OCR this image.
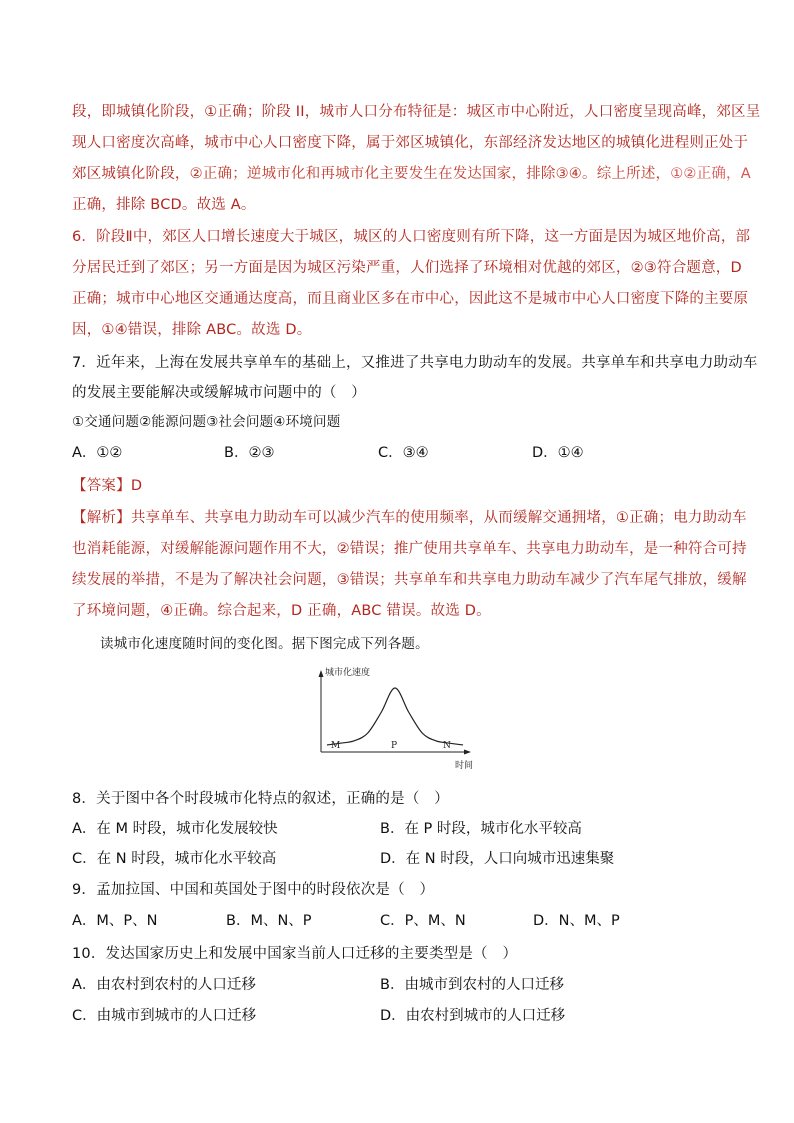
段，即城镇化阶段，①正确；阶段 II，城市人口分布特征是：城区市中心附近，人口密度呈现高峰，郊区呈
现人口密度次高峰，城市中心人口密度下降，属于郊区城镇化，东部经济发达地区的城镇化进程则正处于
郊区城镇化阶段，②正确；逆城市化和再城市化主要发生在发达国家，排除③④。综上所述，①②正确，A
正确，排除 BCD。故选 A。
6．阶段Ⅱ中，郊区人口增长速度大于城区，城区的人口密度则有所下降，这一方面是因为城区地价高，部
分居民迁到了郊区；另一方面是因为城区污染严重，人们选择了环境相对优越的郊区，②③符合题意，D
正确；城市中心地区交通通达度高，而且商业区多在市中心，因此这不是城市中心人口密度下降的主要原
因，①④错误，排除 ABC。故选 D。
7．近年来，上海在发展共享单车的基础上，又推进了共享电力助动车的发展。共享单车和共享电力助动车
的发展主要能解决或缓解城市问题中的（　）
①交通问题②能源问题③社会问题④环境问题
A．①②	B．②③	C．③④	D．①④
【答案】D
【解析】共享单车、共享电力助动车可以减少汽车的使用频率，从而缓解交通拥堵，①正确；电力助动车
也消耗能源，对缓解能源问题作用不大，②错误；推广使用共享单车、共享电力助动车，是一种符合可持
续发展的举措，不是为了解决社会问题，③错误；共享单车和共享电力助动车减少了汽车尾气排放，缓解
了环境问题，④正确。综合起来，D 正确，ABC 错误。故选 D。
读城市化速度随时间的变化图。据下图完成下列各题。
城市化速度
时间
M	P	N
8．关于图中各个时段城市化特点的叙述，正确的是（　）
A．在 M 时段，城市化发展较快	B．在 P 时段，城市化水平较高
C．在 N 时段，城市化水平较高	D．在 N 时段，人口向城市迅速集聚
9．孟加拉国、中国和英国处于图中的时段依次是（　）
A．M、P、N	B．M、N、P	C．P、M、N	D．N、M、P
10．发达国家历史上和发展中国家当前人口迁移的主要类型是（　）
A．由农村到农村的人口迁移	B．由城市到农村的人口迁移
C．由城市到城市的人口迁移	D．由农村到城市的人口迁移
